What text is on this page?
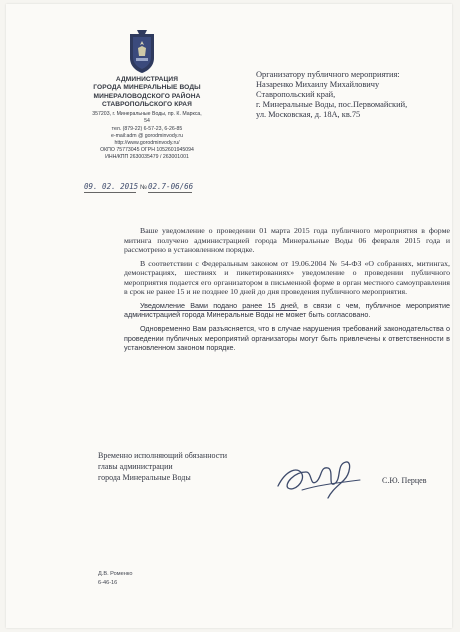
АДМИНИСТРАЦИЯ
ГОРОДА МИНЕРАЛЬНЫЕ ВОДЫ
МИНЕРАЛОВОДСКОГО РАЙОНА
СТАВРОПОЛЬСКОГО КРАЯ
357203, г. Минеральные Воды, пр. К. Маркса,
54
тел. (879-22) 6-57-23, 6-26-85
e-mail:adm @ gorodminvody.ru
http://www.gorodminvody.ru/
ОКПО 75773045 ОГРН 1052601945094
ИНН/КПП 2630035479 / 263001001
09. 02. 2015 № 02.7-06/66
Организатору публичного мероприятия:
Назаренко Михаилу Михайловичу
Ставропольский край,
г. Минеральные Воды, пос.Первомайский,
ул. Московская, д. 18А, кв.75

Ваше уведомление о проведении 01 марта 2015 года публичного мероприятия в форме митинга получено администрацией города Минеральные Воды 06 февраля 2015 года и рассмотрено в установленном порядке.

В соответствии с Федеральным законом от 19.06.2004 № 54-ФЗ «О собраниях, митингах, демонстрациях, шествиях и пикетированиях» уведомление о проведении публичного мероприятия подается его организатором в письменной форме в орган местного самоуправления в срок не ранее 15 и не позднее 10 дней до дня проведения публичного мероприятия.

Уведомление Вами подано ранее 15 дней, в связи с чем, публичное мероприятие администрацией города Минеральные Воды не может быть согласовано.

Одновременно Вам разъясняется, что в случае нарушения требований законодательства о проведении публичных мероприятий организаторы могут быть привлечены к ответственности в установленном законом порядке.

Временно исполняющий обязанности
главы администрации
города Минеральные Воды	С.Ю. Перцев
Д.В. Роменко
6-46-16
